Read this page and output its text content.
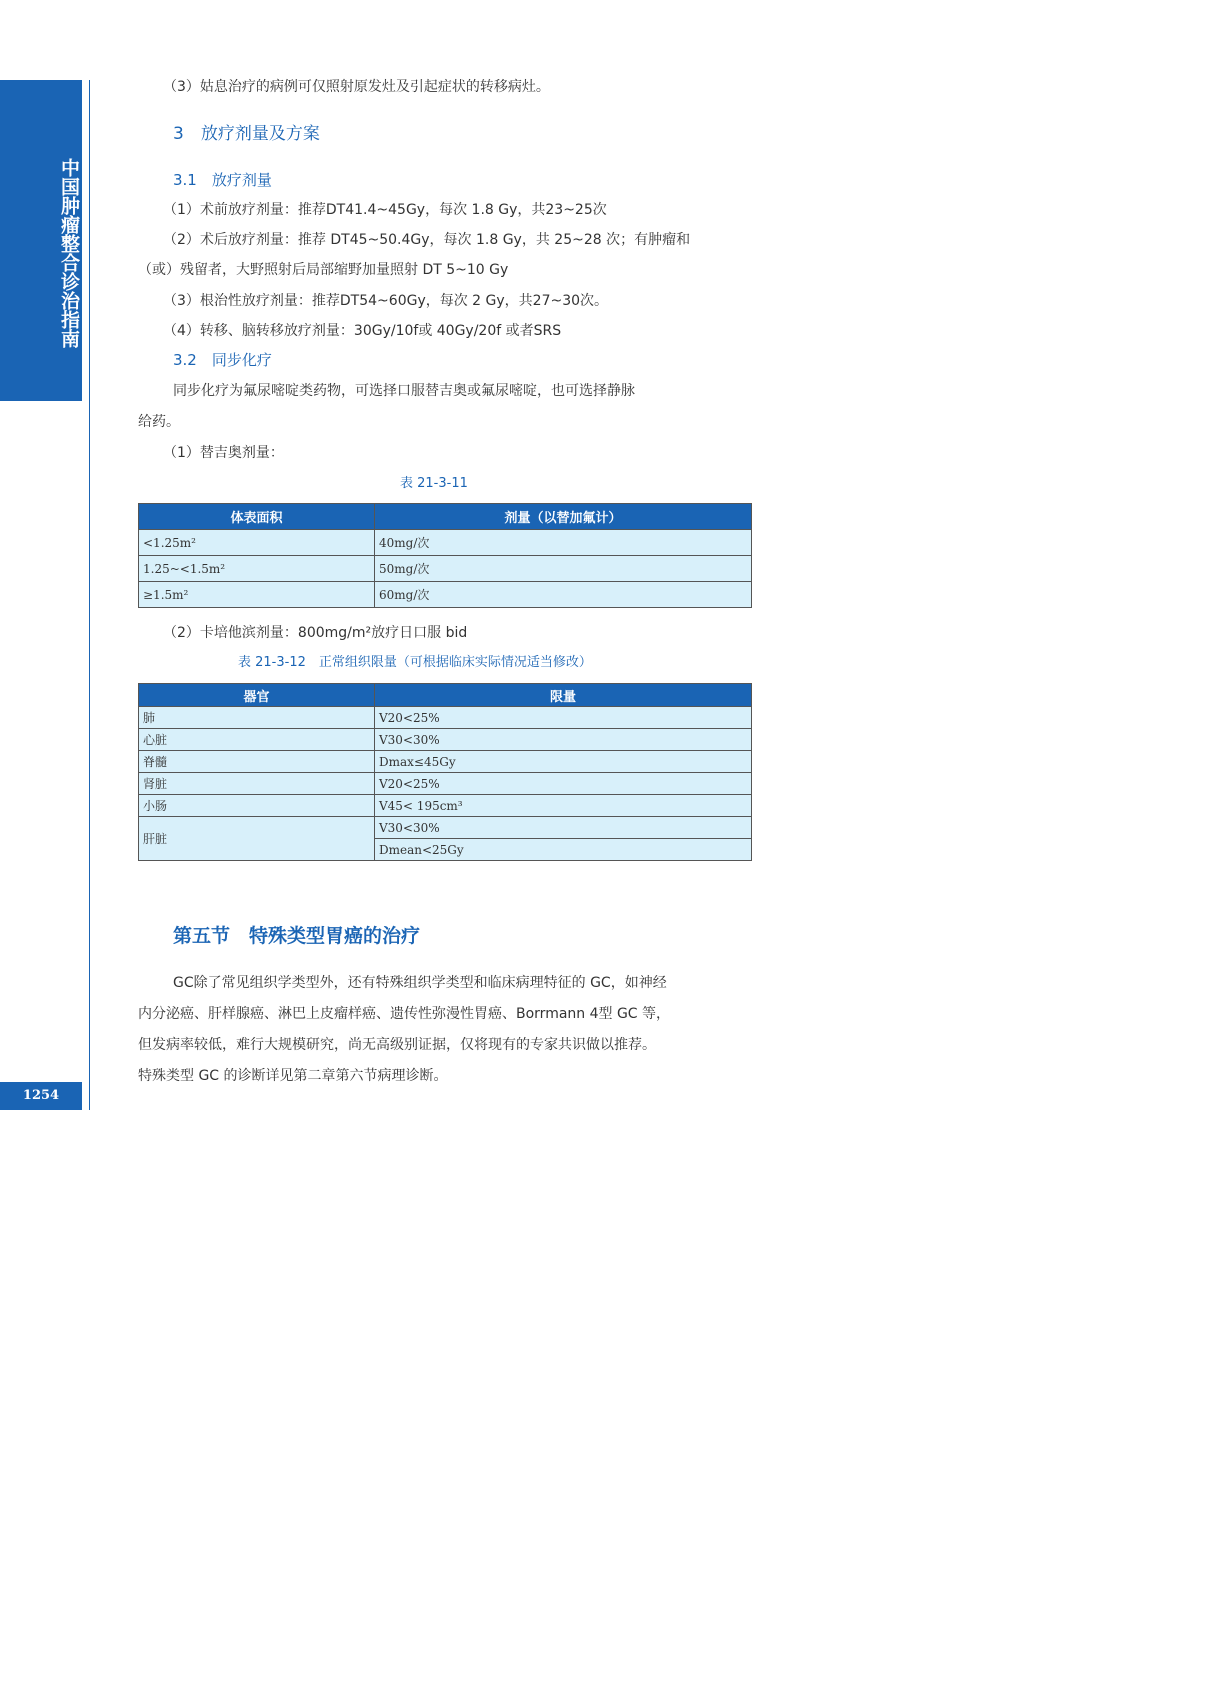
中国肿瘤整合诊治指南
1254
（3）姑息治疗的病例可仅照射原发灶及引起症状的转移病灶。
3　放疗剂量及方案
3.1　放疗剂量
（1）术前放疗剂量：推荐DT41.4~45Gy，每次 1.8 Gy，共23~25次
（2）术后放疗剂量：推荐 DT45~50.4Gy，每次 1.8 Gy，共 25~28 次；有肿瘤和
（或）残留者，大野照射后局部缩野加量照射 DT 5~10 Gy
（3）根治性放疗剂量：推荐DT54~60Gy，每次 2 Gy，共27~30次。
（4）转移、脑转移放疗剂量：30Gy/10f或 40Gy/20f 或者SRS
3.2　同步化疗
同步化疗为氟尿嘧啶类药物，可选择口服替吉奥或氟尿嘧啶，也可选择静脉
给药。
（1）替吉奥剂量：
表 21-3-11
体表面积	剂量（以替加氟计）
<1.25m²	40mg/次
1.25~<1.5m²	50mg/次
≥1.5m²	60mg/次
（2）卡培他滨剂量：800mg/m²放疗日口服 bid
表 21-3-12　正常组织限量（可根据临床实际情况适当修改）
器官	限量
肺	V20<25%
心脏	V30<30%
脊髓	Dmax≤45Gy
肾脏	V20<25%
小肠	V45< 195cm³
肝脏	V30<30%
	Dmean<25Gy
第五节　特殊类型胃癌的治疗
GC除了常见组织学类型外，还有特殊组织学类型和临床病理特征的 GC，如神经
内分泌癌、肝样腺癌、淋巴上皮瘤样癌、遗传性弥漫性胃癌、Borrmann 4型 GC 等，
但发病率较低，难行大规模研究，尚无高级别证据，仅将现有的专家共识做以推荐。
特殊类型 GC 的诊断详见第二章第六节病理诊断。
